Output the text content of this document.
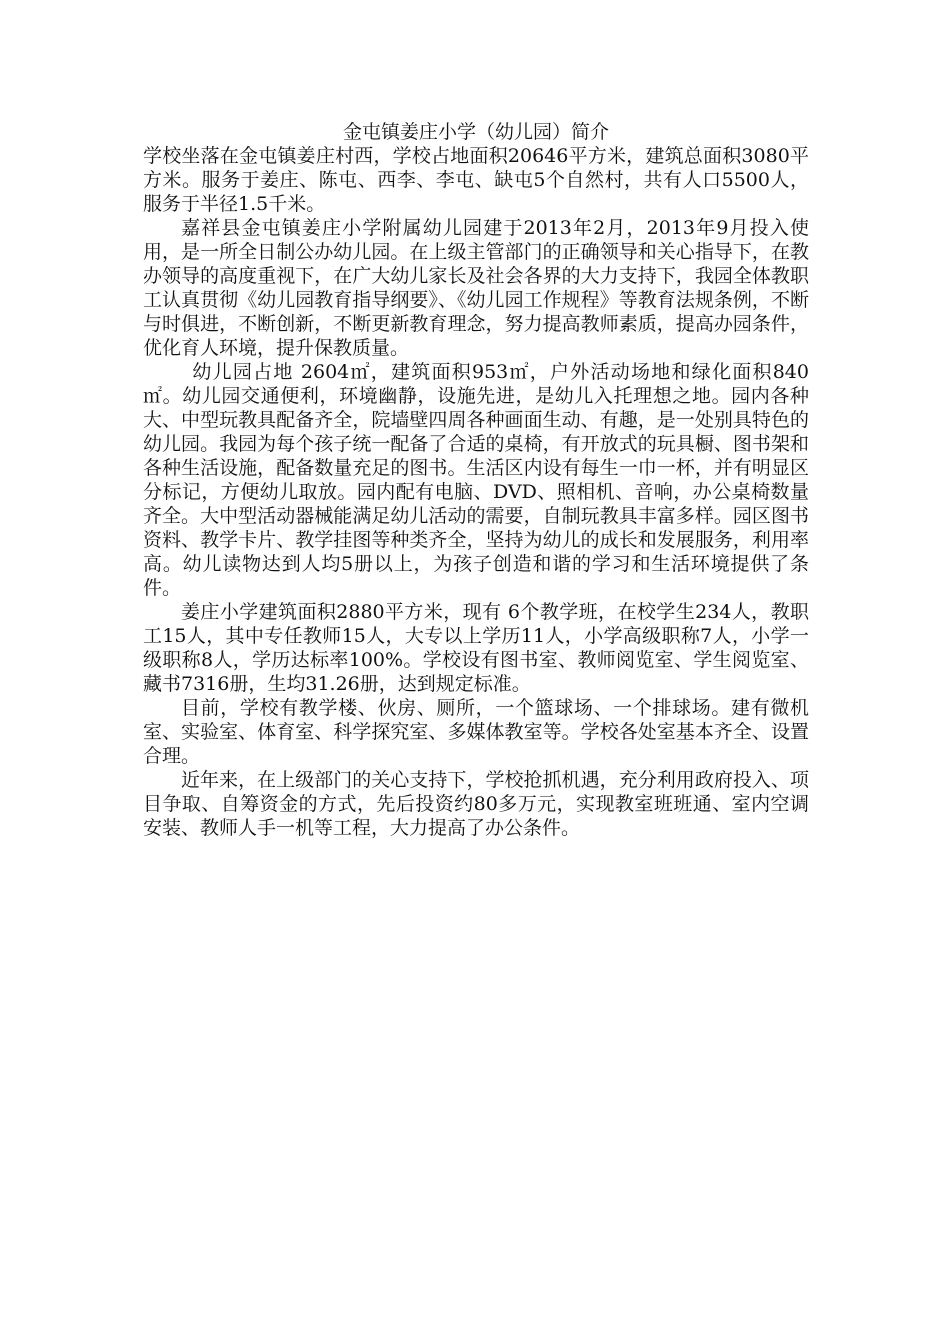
金屯镇姜庄小学（幼儿园）简介

学校坐落在金屯镇姜庄村西，学校占地面积20646平方米，建筑总面积3080平方米。服务于姜庄、陈屯、西李、李屯、缺屯5个自然村，共有人口5500人，服务于半径1.5千米。

嘉祥县金屯镇姜庄小学附属幼儿园建于2013年2月，2013年9月投入使用，是一所全日制公办幼儿园。在上级主管部门的正确领导和关心指导下，在教办领导的高度重视下，在广大幼儿家长及社会各界的大力支持下，我园全体教职工认真贯彻《幼儿园教育指导纲要》、《幼儿园工作规程》等教育法规条例，不断与时俱进，不断创新，不断更新教育理念，努力提高教师素质，提高办园条件，优化育人环境，提升保教质量。

幼儿园占地 2604㎡，建筑面积953㎡，户外活动场地和绿化面积840㎡。幼儿园交通便利，环境幽静，设施先进，是幼儿入托理想之地。园内各种大、中型玩教具配备齐全，院墙壁四周各种画面生动、有趣，是一处别具特色的幼儿园。我园为每个孩子统一配备了合适的桌椅，有开放式的玩具橱、图书架和各种生活设施，配备数量充足的图书。生活区内设有每生一巾一杯，并有明显区分标记，方便幼儿取放。园内配有电脑、DVD、照相机、音响，办公桌椅数量齐全。大中型活动器械能满足幼儿活动的需要，自制玩教具丰富多样。园区图书资料、教学卡片、教学挂图等种类齐全，坚持为幼儿的成长和发展服务，利用率高。幼儿读物达到人均5册以上，为孩子创造和谐的学习和生活环境提供了条件。

姜庄小学建筑面积2880平方米，现有 6个教学班，在校学生234人，教职工15人，其中专任教师15人，大专以上学历11人，小学高级职称7人，小学一级职称8人，学历达标率100%。学校设有图书室、教师阅览室、学生阅览室、藏书7316册，生均31.26册，达到规定标准。

目前，学校有教学楼、伙房、厕所，一个篮球场、一个排球场。建有微机室、实验室、体育室、科学探究室、多媒体教室等。学校各处室基本齐全、设置合理。

近年来，在上级部门的关心支持下，学校抢抓机遇，充分利用政府投入、项目争取、自筹资金的方式，先后投资约80多万元，实现教室班班通、室内空调安装、教师人手一机等工程，大力提高了办公条件。
